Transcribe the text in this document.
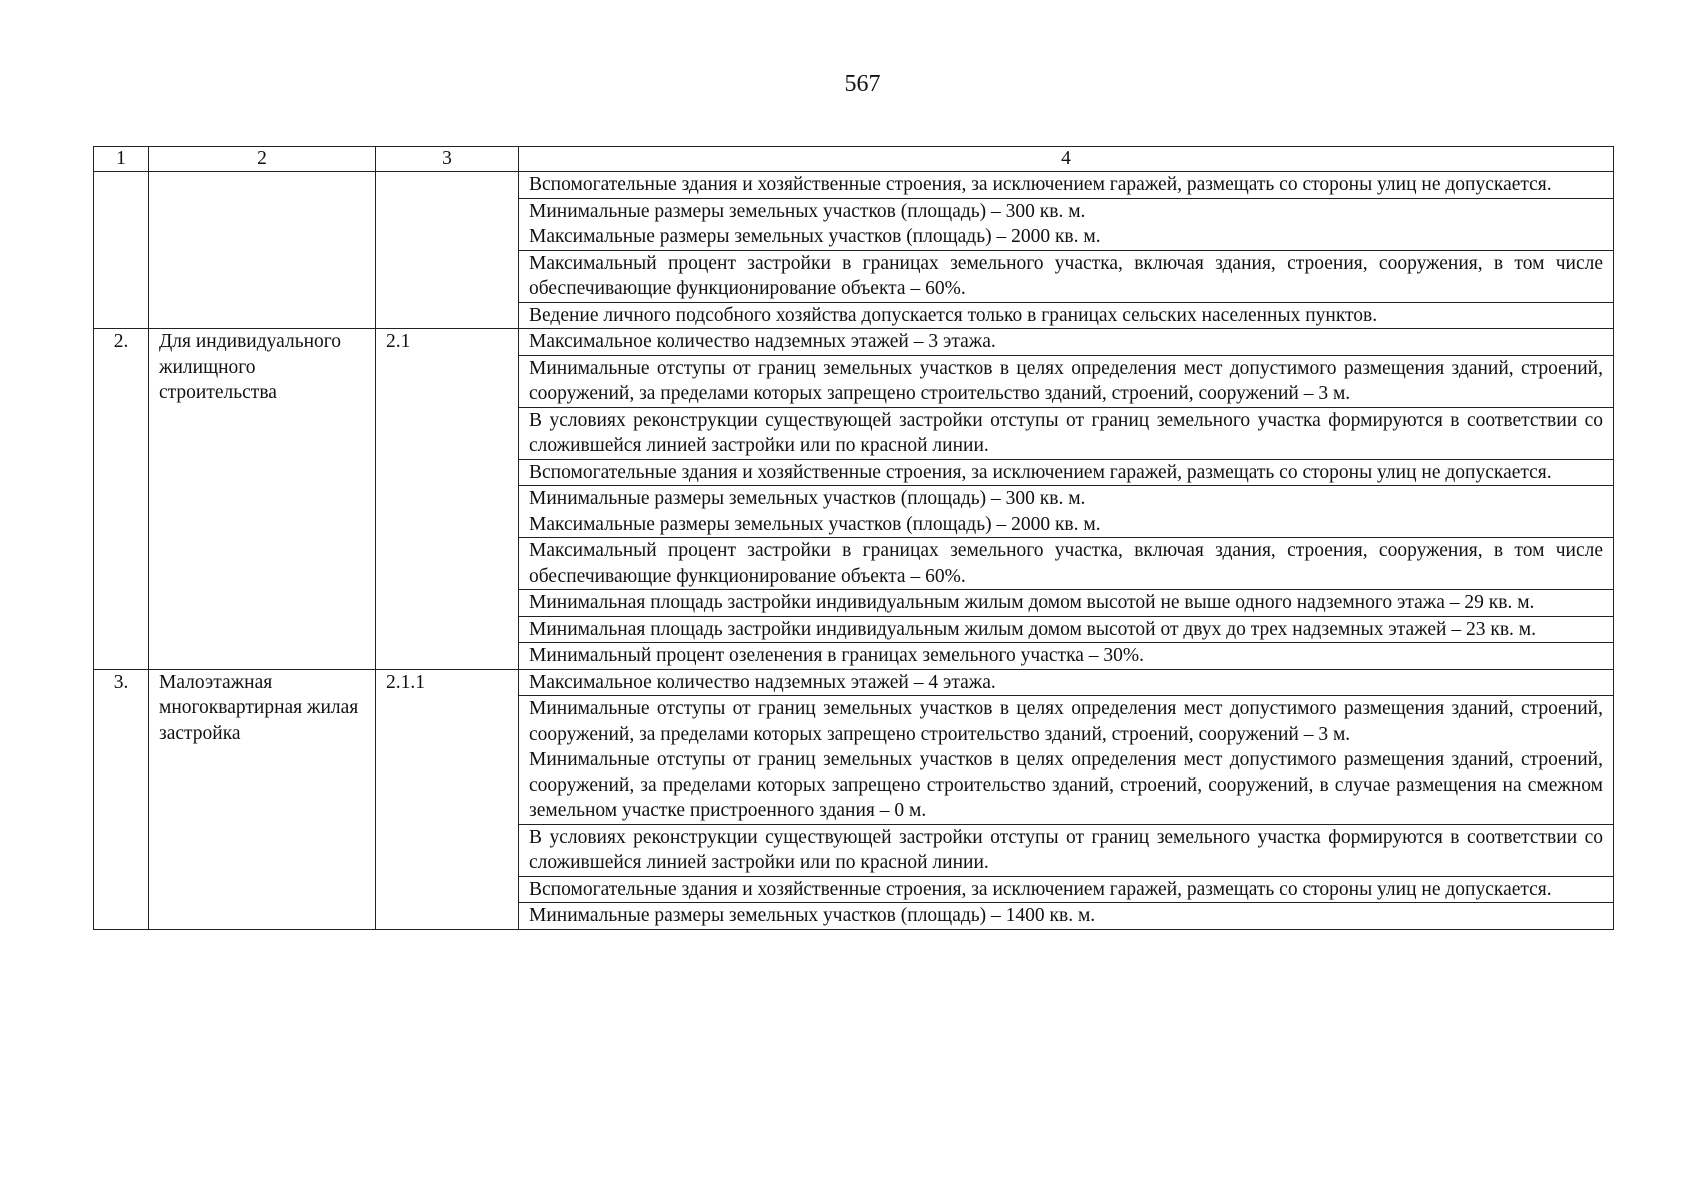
567
1	2	3	4
			Вспомогательные здания и хозяйственные строения, за исключением гаражей, размещать со стороны улиц не допускается.

			Минимальные размеры земельных участков (площадь) – 300 кв. м.
Максимальные размеры земельных участков (площадь) – 2000 кв. м.

			Максимальный процент застройки в границах земельного участка, включая здания, строения, сооружения, в том числе обеспечивающие функционирование объекта – 60%.
			Ведение личного подсобного хозяйства допускается только в границах сельских населенных пунктов.
2.	Для индивидуального жилищного строительства	2.1	Максимальное количество надземных этажей – 3 этажа.
			Минимальные отступы от границ земельных участков в целях определения мест допустимого размещения зданий, строений, сооружений, за пределами которых запрещено строительство зданий, строений, сооружений – 3 м.
			В условиях реконструкции существующей застройки отступы от границ земельного участка формируются в соответствии со сложившейся линией застройки или по красной линии.
			Вспомогательные здания и хозяйственные строения, за исключением гаражей, размещать со стороны улиц не допускается.

			Минимальные размеры земельных участков (площадь) – 300 кв. м.
Максимальные размеры земельных участков (площадь) – 2000 кв. м.

			Максимальный процент застройки в границах земельного участка, включая здания, строения, сооружения, в том числе обеспечивающие функционирование объекта – 60%.
			Минимальная площадь застройки индивидуальным жилым домом высотой не выше одного надземного этажа – 29 кв. м.
			Минимальная площадь застройки индивидуальным жилым домом высотой от двух до трех надземных этажей – 23 кв. м.
			Минимальный процент озеленения в границах земельного участка – 30%.
3.	Малоэтажная многоквартирная жилая застройка	2.1.1	Максимальное количество надземных этажей – 4 этажа.

			Минимальные отступы от границ земельных участков в целях определения мест допустимого размещения зданий, строений, сооружений, за пределами которых запрещено строительство зданий, строений, сооружений – 3 м.
Минимальные отступы от границ земельных участков в целях определения мест допустимого размещения зданий, строений, сооружений, за пределами которых запрещено строительство зданий, строений, сооружений, в случае размещения на смежном земельном участке пристроенного здания – 0 м.

			В условиях реконструкции существующей застройки отступы от границ земельного участка формируются в соответствии со сложившейся линией застройки или по красной линии.
			Вспомогательные здания и хозяйственные строения, за исключением гаражей, размещать со стороны улиц не допускается.
			Минимальные размеры земельных участков (площадь) – 1400 кв. м.
